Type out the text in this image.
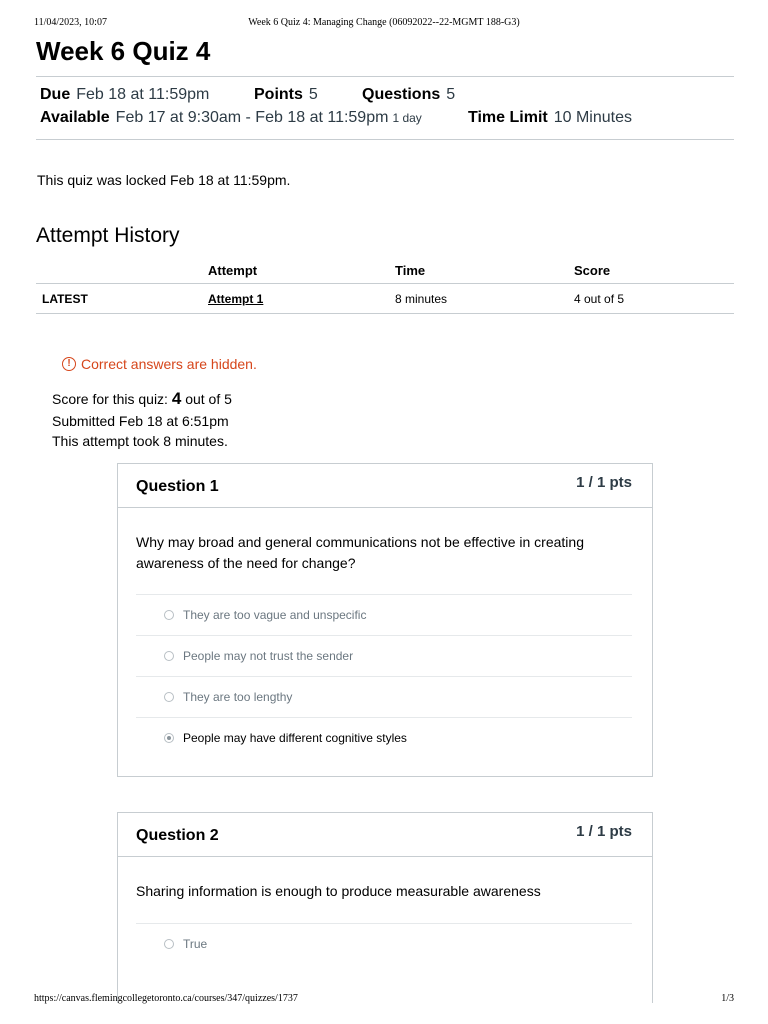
11/04/2023, 10:07	Week 6 Quiz 4: Managing Change (06092022--22-MGMT 188-G3)
Week 6 Quiz 4
Due Feb 18 at 11:59pm	Points 5	Questions 5
Available Feb 17 at 9:30am - Feb 18 at 11:59pm 1 day	Time Limit 10 Minutes
This quiz was locked Feb 18 at 11:59pm.
Attempt History
	Attempt	Time	Score
LATEST	Attempt 1	8 minutes	4 out of 5
! Correct answers are hidden.
Score for this quiz: 4 out of 5
Submitted Feb 18 at 6:51pm
This attempt took 8 minutes.
Question 1	1 / 1 pts
Why may broad and general communications not be effective in creating awareness of the need for change?
They are too vague and unspecific
People may not trust the sender
They are too lengthy
People may have different cognitive styles
Question 2	1 / 1 pts
Sharing information is enough to produce measurable awareness
True
https://canvas.flemingcollegetoronto.ca/courses/347/quizzes/1737	1/3
